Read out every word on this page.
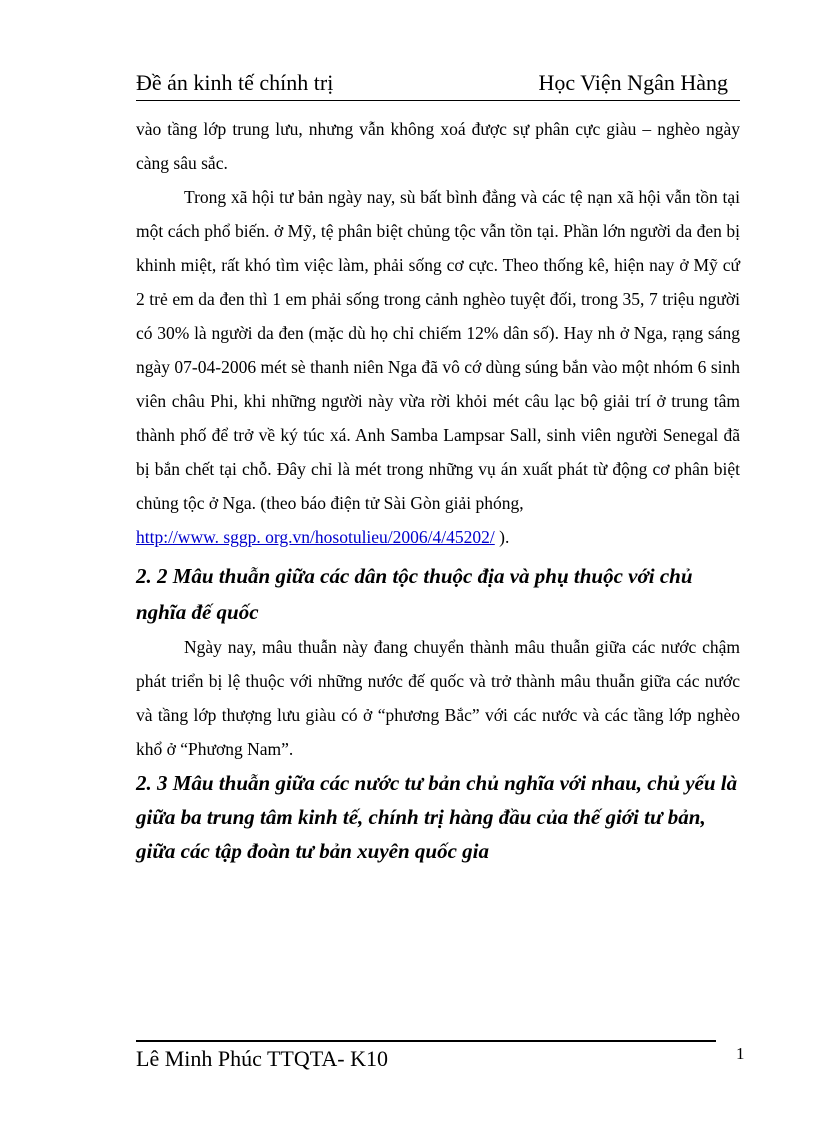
Đề án kinh tế chính trị	Học Viện Ngân Hàng

vào tầng lớp trung lưu, nhưng vẫn không xoá được sự phân cực giàu – nghèo ngày càng sâu sắc.

Trong xã hội tư bản ngày nay, sù bất bình đẳng và các tệ nạn xã hội vẫn tồn tại một cách phổ biến. ở Mỹ, tệ phân biệt chủng tộc vẫn tồn tại. Phần lớn người da đen bị khinh miệt, rất khó tìm việc làm, phải sống cơ cực. Theo thống kê, hiện nay ở Mỹ cứ 2 trẻ em da đen thì 1 em phải sống trong cảnh nghèo tuyệt đối, trong 35, 7 triệu người có 30% là người da đen (mặc dù họ chỉ chiếm 12% dân số). Hay nh ở Nga, rạng sáng ngày 07-04-2006 mét sè thanh niên Nga đã vô cớ dùng súng bắn vào một nhóm 6 sinh viên châu Phi, khi những người này vừa rời khỏi mét câu lạc bộ giải trí ở trung tâm thành phố để trở về ký túc xá. Anh Samba Lampsar Sall, sinh viên người Senegal đã bị bắn chết tại chỗ. Đây chỉ là mét trong những vụ án xuất phát từ động cơ phân biệt chủng tộc ở Nga. (theo báo điện tử Sài Gòn giải phóng,

http://www. sggp. org.vn/hosotulieu/2006/4/45202/ ).

2. 2 Mâu thuẫn giữa các dân tộc thuộc địa và phụ thuộc với chủ nghĩa đế quốc

Ngày nay, mâu thuẫn này đang chuyển thành mâu thuẫn giữa các nước chậm phát triển bị lệ thuộc với những nước đế quốc và trở thành mâu thuẫn giữa các nước và tầng lớp thượng lưu giàu có ở “phương Bắc” với các nước và các tầng lớp nghèo khổ ở “Phương Nam”.

2. 3 Mâu thuẫn giữa các nước tư bản chủ nghĩa với nhau, chủ yếu là giữa ba trung tâm kinh tế, chính trị hàng đầu của thế giới tư bản, giữa các tập đoàn tư bản xuyên quốc gia

Lê Minh Phúc TTQTA- K10	1
